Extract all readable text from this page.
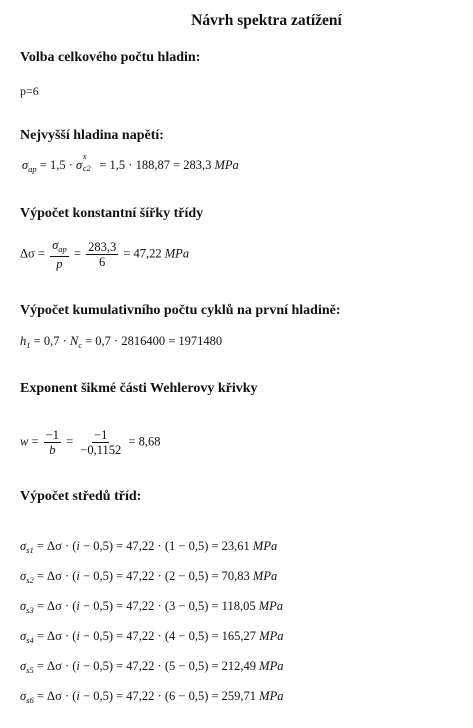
Návrh spektra zatížení
Volba celkového počtu hladin:
p=6
Nejvyšší hladina napětí:
$\sigma_{ap} = 1,5 \cdot \sigma$
x
c2 = 1,5 · 188,87 = 283,3 MPa
Výpočet konstantní šířky třídy
$\Delta\sigma = \frac{\sigma_{ap}}{p} = \frac{283,3}{6} = 47,22$ MPa
Výpočet kumulativního počtu cyklů na první hladině:
$h_1 = 0,7 \cdot N_c = 0,7 \cdot 2816400 = 1971480$
Exponent šikmé části Wehlerovy křivky
$w = \frac{-1}{b} = \frac{-1}{-0,1152} = 8,68$
Výpočet středů tříd:
$\sigma_{s1} = \Delta\sigma \cdot (i - 0,5) = 47,22 \cdot (1 - 0,5) = 23,61$ MPa
$\sigma_{s2} = \Delta\sigma \cdot (i - 0,5) = 47,22 \cdot (2 - 0,5) = 70,83$ MPa
$\sigma_{s3} = \Delta\sigma \cdot (i - 0,5) = 47,22 \cdot (3 - 0,5) = 118,05$ MPa
$\sigma_{s4} = \Delta\sigma \cdot (i - 0,5) = 47,22 \cdot (4 - 0,5) = 165,27$ MPa
$\sigma_{s5} = \Delta\sigma \cdot (i - 0,5) = 47,22 \cdot (5 - 0,5) = 212,49$ MPa
$\sigma_{s6} = \Delta\sigma \cdot (i - 0,5) = 47,22 \cdot (6 - 0,5) = 259,71$ MPa
